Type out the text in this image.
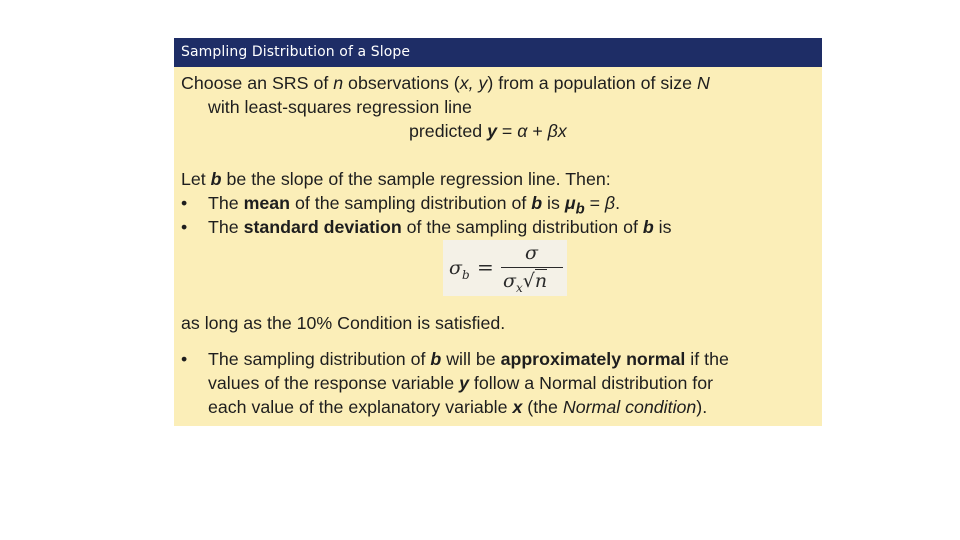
Sampling Distribution of a Slope
Choose an SRS of n observations (x, y) from a population of size N
with least-squares regression line
predicted y = α + βx
Let b be the slope of the sample regression line. Then:
• The mean of the sampling distribution of b is $\mu_b = \beta$.
• The standard deviation of the sampling distribution of b is
$\sigma_b$ =
σ
$\sigma_x√n$
as long as the 10% Condition is satisfied.
• The sampling distribution of b will be approximately normal if the
values of the response variable y follow a Normal distribution for
each value of the explanatory variable x (the Normal condition).
